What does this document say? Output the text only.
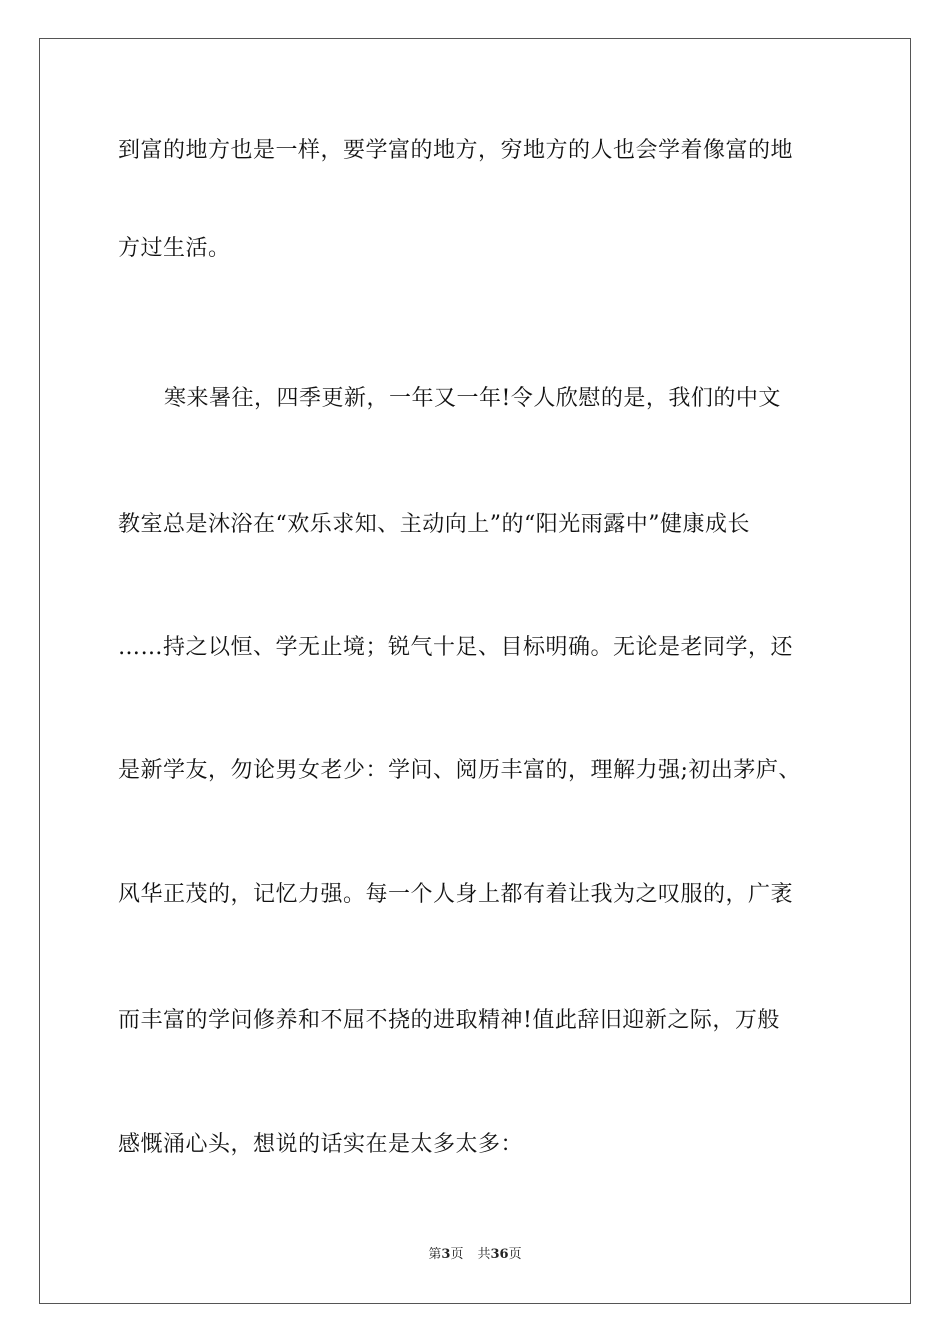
到富的地方也是一样，要学富的地方，穷地方的人也会学着像富的地
方过生活。
寒来暑往，四季更新，一年又一年!令人欣慰的是，我们的中文
教室总是沐浴在“欢乐求知、主动向上”的“阳光雨露中”健康成长
……持之以恒、学无止境；锐气十足、目标明确。无论是老同学，还
是新学友，勿论男女老少：学问、阅历丰富的，理解力强;初出茅庐、
风华正茂的，记忆力强。每一个人身上都有着让我为之叹服的，广袤
而丰富的学问修养和不屈不挠的进取精神!值此辞旧迎新之际，万般
感慨涌心头，想说的话实在是太多太多：
第3页 共36页
